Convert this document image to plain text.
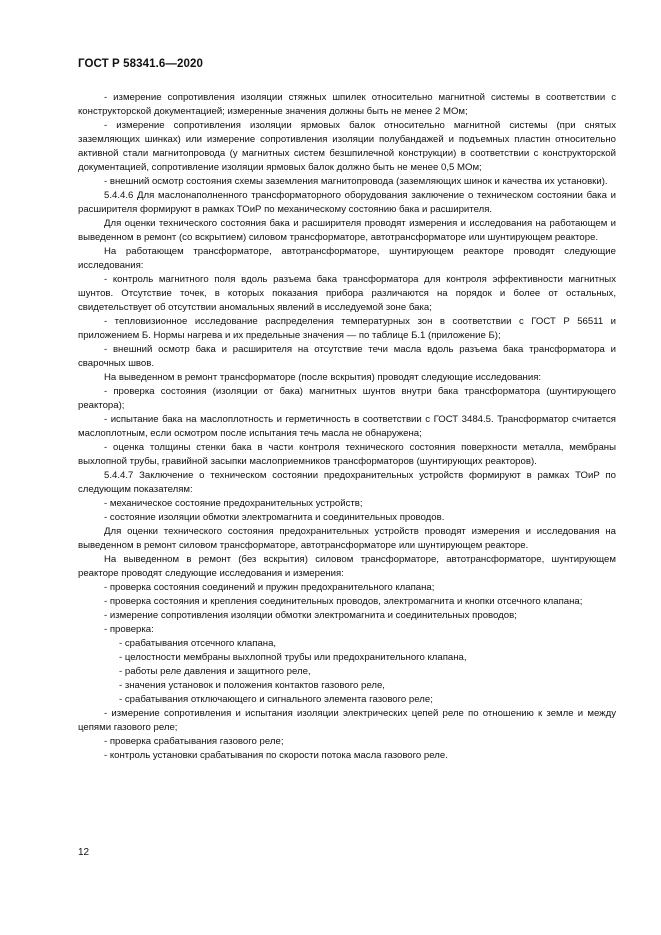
ГОСТ Р 58341.6—2020

- измерение сопротивления изоляции стяжных шпилек относительно магнитной системы в соответствии с конструкторской документацией; измеренные значения должны быть не менее 2 МОм;

- измерение сопротивления изоляции ярмовых балок относительно магнитной системы (при снятых заземляющих шинках) или измерение сопротивления изоляции полубандажей и подъемных пластин относительно активной стали магнитопровода (у магнитных систем безшпилечной конструкции) в соответствии с конструкторской документацией, сопротивление изоляции ярмовых балок должно быть не менее 0,5 МОм;

- внешний осмотр состояния схемы заземления магнитопровода (заземляющих шинок и качества их установки).

5.4.4.6 Для маслонаполненного трансформаторного оборудования заключение о техническом состоянии бака и расширителя формируют в рамках ТОиР по механическому состоянию бака и расширителя.

Для оценки технического состояния бака и расширителя проводят измерения и исследования на работающем и выведенном в ремонт (со вскрытием) силовом трансформаторе, автотрансформаторе или шунтирующем реакторе.

На работающем трансформаторе, автотрансформаторе, шунтирующем реакторе проводят следующие исследования:

- контроль магнитного поля вдоль разъема бака трансформатора для контроля эффективности магнитных шунтов. Отсутствие точек, в которых показания прибора различаются на порядок и более от остальных, свидетельствует об отсутствии аномальных явлений в исследуемой зоне бака;

- тепловизионное исследование распределения температурных зон в соответствии с ГОСТ Р 56511 и приложением Б. Нормы нагрева и их предельные значения — по таблице Б.1 (приложение Б);

- внешний осмотр бака и расширителя на отсутствие течи масла вдоль разъема бака трансформатора и сварочных швов.

На выведенном в ремонт трансформаторе (после вскрытия) проводят следующие исследования:

- проверка состояния (изоляции от бака) магнитных шунтов внутри бака трансформатора (шунтирующего реактора);

- испытание бака на маслоплотность и герметичность в соответствии с ГОСТ 3484.5. Трансформатор считается маслоплотным, если осмотром после испытания течь масла не обнаружена;

- оценка толщины стенки бака в части контроля технического состояния поверхности металла, мембраны выхлопной трубы, гравийной засыпки маслоприемников трансформаторов (шунтирующих реакторов).

5.4.4.7 Заключение о техническом состоянии предохранительных устройств формируют в рамках ТОиР по следующим показателям:

- механическое состояние предохранительных устройств;

- состояние изоляции обмотки электромагнита и соединительных проводов.

Для оценки технического состояния предохранительных устройств проводят измерения и исследования на выведенном в ремонт силовом трансформаторе, автотрансформаторе или шунтирующем реакторе.

На выведенном в ремонт (без вскрытия) силовом трансформаторе, автотрансформаторе, шунтирующем реакторе проводят следующие исследования и измерения:

- проверка состояния соединений и пружин предохранительного клапана;

- проверка состояния и крепления соединительных проводов, электромагнита и кнопки отсечного клапана;

- измерение сопротивления изоляции обмотки электромагнита и соединительных проводов;

- проверка:

- срабатывания отсечного клапана,

- целостности мембраны выхлопной трубы или предохранительного клапана,

- работы реле давления и защитного реле,

- значения установок и положения контактов газового реле,

- срабатывания отключающего и сигнального элемента газового реле;

- измерение сопротивления и испытания изоляции электрических цепей реле по отношению к земле и между цепями газового реле;

- проверка срабатывания газового реле;

- контроль установки срабатывания по скорости потока масла газового реле.

12
